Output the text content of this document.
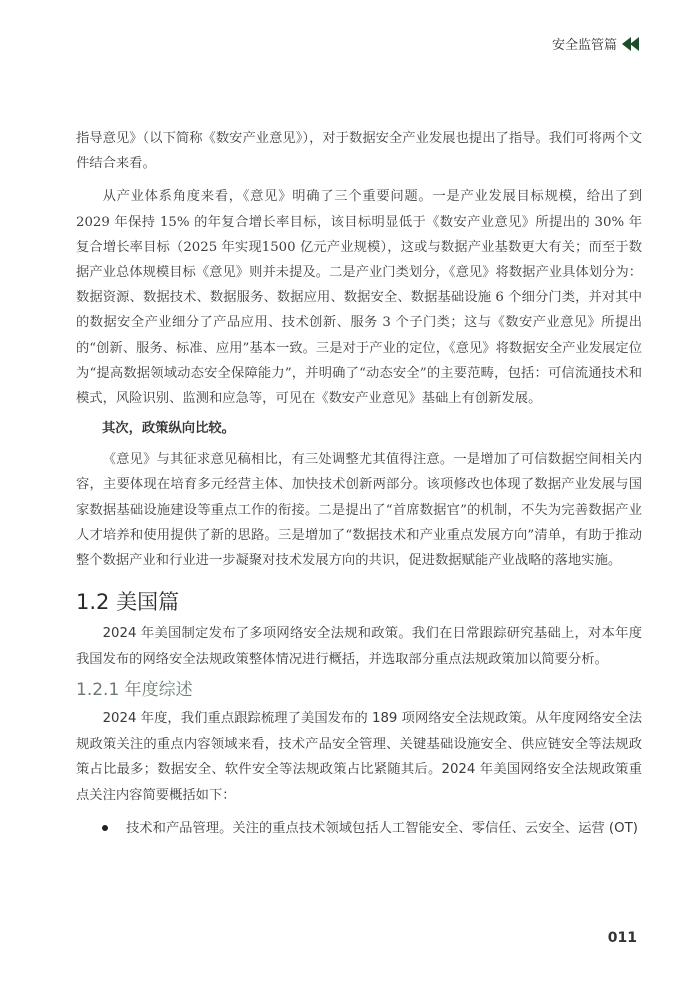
安全监管篇

指导意见》（以下简称《数安产业意见》），对于数据安全产业发展也提出了指导。我们可将两个文件结合来看。

从产业体系角度来看，《意见》明确了三个重要问题。一是产业发展目标规模，给出了到 2029 年保持 15% 的年复合增长率目标，该目标明显低于《数安产业意见》所提出的 30% 年复合增长率目标（2025 年实现1500 亿元产业规模），这或与数据产业基数更大有关；而至于数据产业总体规模目标《意见》则并未提及。二是产业门类划分，《意见》将数据产业具体划分为：数据资源、数据技术、数据服务、数据应用、数据安全、数据基础设施 6 个细分门类，并对其中的数据安全产业细分了产品应用、技术创新、服务 3 个子门类；这与《数安产业意见》所提出的“创新、服务、标准、应用”基本一致。三是对于产业的定位，《意见》将数据安全产业发展定位为“提高数据领域动态安全保障能力”，并明确了“动态安全”的主要范畴，包括：可信流通技术和模式，风险识别、监测和应急等，可见在《数安产业意见》基础上有创新发展。

其次，政策纵向比较。

《意见》与其征求意见稿相比，有三处调整尤其值得注意。一是增加了可信数据空间相关内容，主要体现在培育多元经营主体、加快技术创新两部分。该项修改也体现了数据产业发展与国家数据基础设施建设等重点工作的衔接。二是提出了“首席数据官”的机制，不失为完善数据产业人才培养和使用提供了新的思路。三是增加了“数据技术和产业重点发展方向”清单，有助于推动整个数据产业和行业进一步凝聚对技术发展方向的共识，促进数据赋能产业战略的落地实施。

1.2 美国篇

2024 年美国制定发布了多项网络安全法规和政策。我们在日常跟踪研究基础上，对本年度我国发布的网络安全法规政策整体情况进行概括，并选取部分重点法规政策加以简要分析。

1.2.1 年度综述

2024 年度，我们重点跟踪梳理了美国发布的 189 项网络安全法规政策。从年度网络安全法规政策关注的重点内容领域来看，技术产品安全管理、关键基础设施安全、供应链安全等法规政策占比最多；数据安全、软件安全等法规政策占比紧随其后。2024 年美国网络安全法规政策重点关注内容简要概括如下：

技术和产品管理。关注的重点技术领域包括人工智能安全、零信任、云安全、运营 (OT)
011
